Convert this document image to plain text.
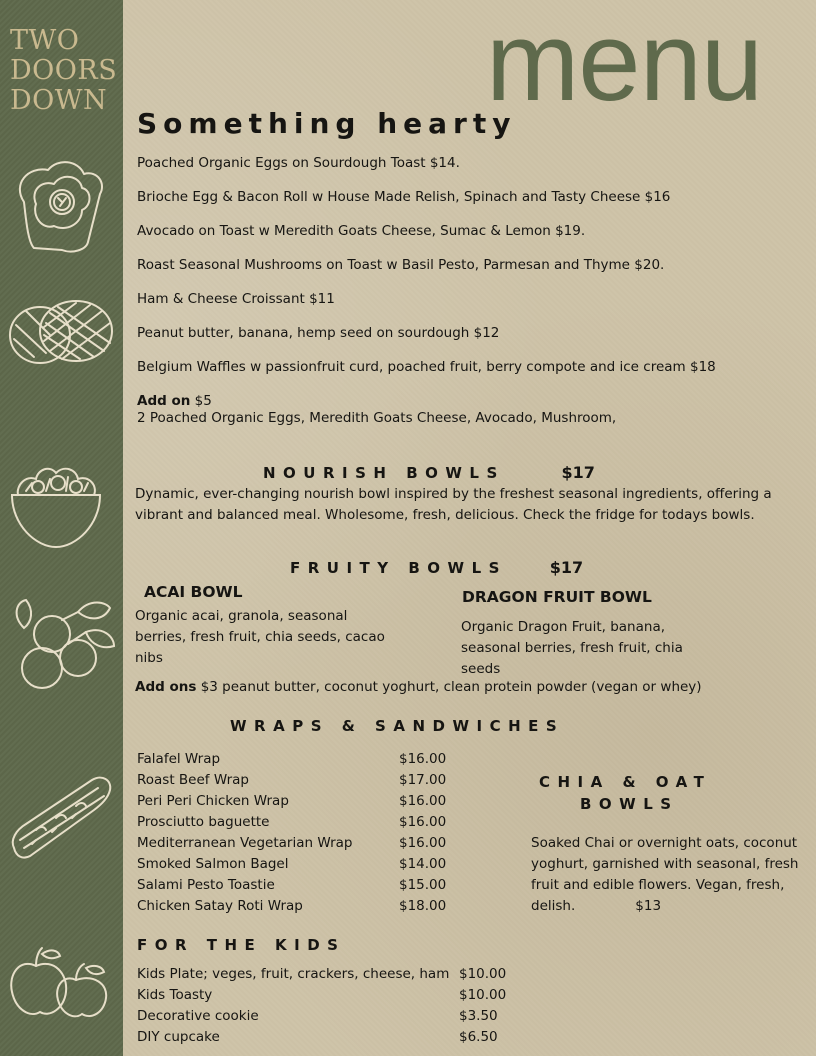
TWO
DOORS
DOWN	menu
Something hearty
Poached Organic Eggs on Sourdough Toast $14.
Brioche Egg & Bacon Roll w House Made Relish, Spinach and Tasty Cheese $16
Avocado on Toast w Meredith Goats Cheese, Sumac & Lemon $19.
Roast Seasonal Mushrooms on Toast w Basil Pesto, Parmesan and Thyme $20.
Ham & Cheese Croissant $11
Peanut butter, banana, hemp seed on sourdough $12
Belgium Waffles w passionfruit curd, poached fruit, berry compote and ice cream $18
Add on $5
2 Poached Organic Eggs, Meredith Goats Cheese, Avocado, Mushroom,
NOURISH BOWLS	$17
Dynamic, ever-changing nourish bowl inspired by the freshest seasonal ingredients, offering a vibrant and balanced meal. Wholesome, fresh, delicious. Check the fridge for todays bowls.
FRUITY BOWLS	$17
ACAI BOWL
Organic acai, granola, seasonal berries, fresh fruit, chia seeds, cacao nibs
DRAGON FRUIT BOWL
Organic Dragon Fruit, banana, seasonal berries, fresh fruit, chia seeds
Add ons $3 peanut butter, coconut yoghurt, clean protein powder (vegan or whey)
WRAPS & SANDWICHES
Falafel Wrap	$16.00
Roast Beef Wrap	$17.00
Peri Peri Chicken Wrap	$16.00
Prosciutto baguette	$16.00
Mediterranean Vegetarian Wrap	$16.00
Smoked Salmon Bagel	$14.00
Salami Pesto Toastie	$15.00
Chicken Satay Roti Wrap	$18.00
CHIA & OAT
BOWLS
Soaked Chai or overnight oats, coconut yoghurt, garnished with seasonal, fresh fruit and edible flowers. Vegan, fresh, delish.	$13
FOR THE KIDS
Kids Plate; veges, fruit, crackers, cheese, ham $10.00
Kids Toasty	$10.00
Decorative cookie	$3.50
DIY cupcake	$6.50
